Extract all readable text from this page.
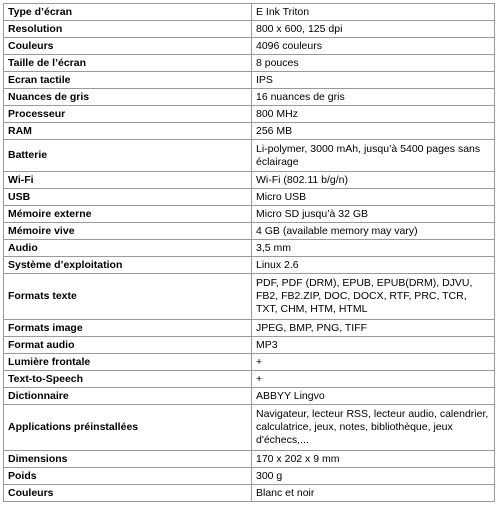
Type d’écran	E Ink Triton
Resolution	800 x 600, 125 dpi
Couleurs	4096 couleurs
Taille de l’écran	8 pouces
Ecran tactile	IPS
Nuances de gris	16 nuances de gris
Processeur	800 MHz
RAM	256 MB
Batterie	Li-polymer, 3000 mAh, jusqu’à 5400 pages sans éclairage
Wi-Fi	Wi-Fi (802.11 b/g/n)
USB	Micro USB
Mémoire externe	Micro SD jusqu’à 32 GB
Mémoire vive	4 GB (available memory may vary)
Audio	3,5 mm
Système d’exploitation	Linux 2.6
Formats texte	PDF, PDF (DRM), EPUB, EPUB(DRM), DJVU, FB2, FB2.ZIP, DOC, DOCX, RTF, PRC, TCR, TXT, CHM, HTM, HTML
Formats image	JPEG, BMP, PNG, TIFF
Format audio	MP3
Lumière frontale	+
Text-to-Speech	+
Dictionnaire	ABBYY Lingvo
Applications préinstallées	Navigateur, lecteur RSS, lecteur audio, calendrier, calculatrice, jeux, notes, bibliothèque, jeux d'échecs,...
Dimensions	170 x 202 x 9 mm
Poids	300 g
Couleurs	Blanc et noir
